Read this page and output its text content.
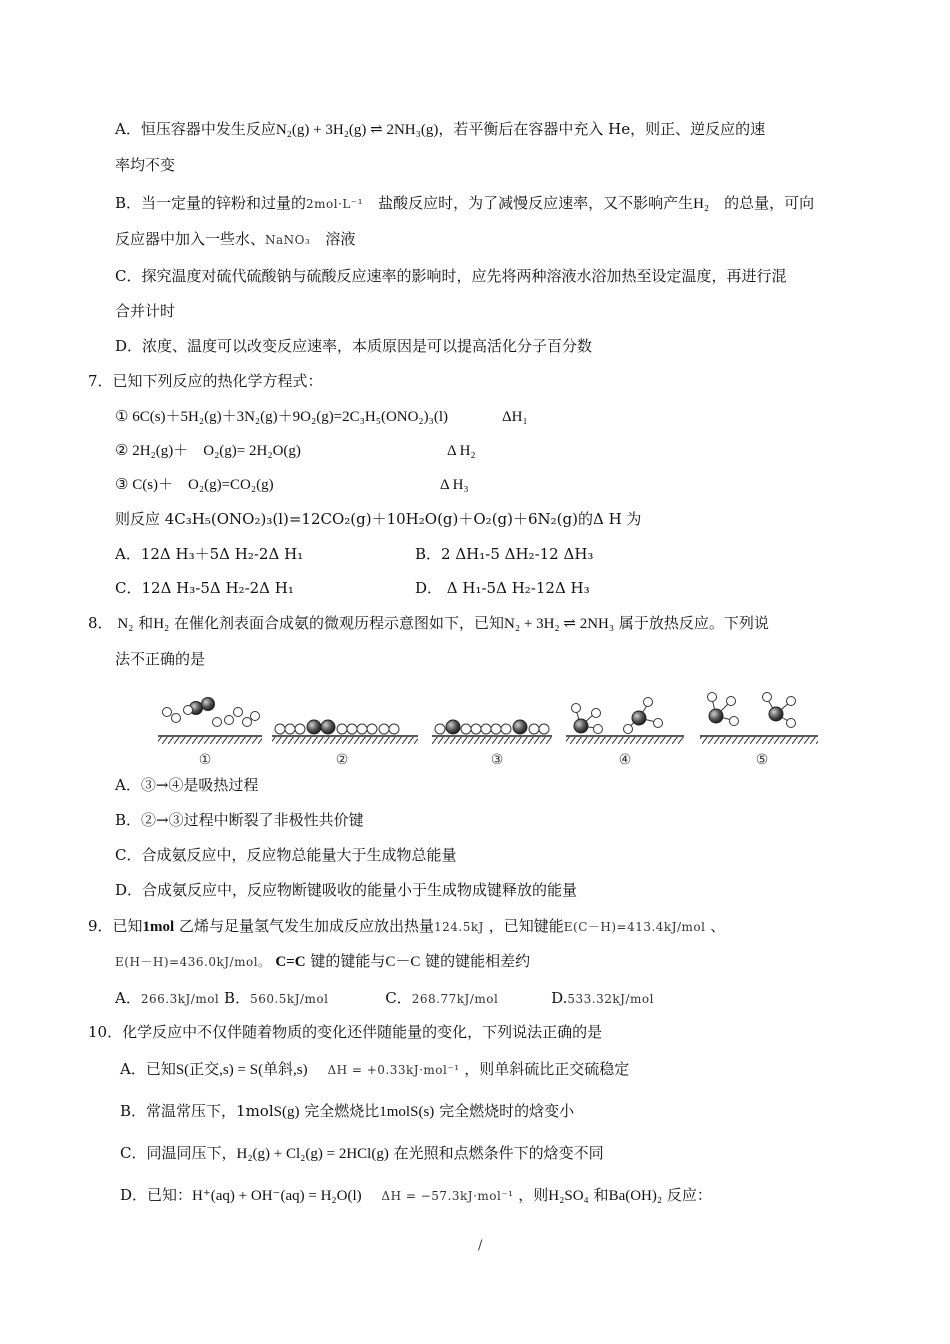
A．恒压容器中发生反应N₂(g) + 3H₂(g) ⇌ 2NH₃(g)，若平衡后在容器中充入 He，则正、逆反应的速
率均不变
B．当一定量的锌粉和过量的2mol·L⁻¹　 盐酸反应时，为了减慢反应速率，又不影响产生H₂　 的总量，可向
反应器中加入一些水、NaNO₃　 溶液
C．探究温度对硫代硫酸钠与硫酸反应速率的影响时，应先将两种溶液水浴加热至设定温度，再进行混
合并计时
D．浓度、温度可以改变反应速率，本质原因是可以提高活化分子百分数
7．已知下列反应的热化学方程式：
① 6C(s)＋5H₂(g)＋3N₂(g)＋9O₂(g)=2C₃H₅(ONO₂)₃(l)	ΔH₁
② 2H₂(g)＋　O₂(g)= 2H₂O(g)	Δ H₂
③ C(s)＋　O₂(g)=CO₂(g)	Δ H₃
则反应 4C₃H₅(ONO₂)₃(l)=12CO₂(g)＋10H₂O(g)＋O₂(g)＋6N₂(g)的Δ H 为
A．12Δ H₃＋5Δ H₂-2Δ H₁	B．2 ΔH₁-5 ΔH₂-12 ΔH₃
C．12Δ H₃-5Δ H₂-2Δ H₁	D． Δ H₁-5Δ H₂-12Δ H₃
8． N₂ 和H₂ 在催化剂表面合成氨的微观历程示意图如下，已知N₂ + 3H₂ ⇌ 2NH₃ 属于放热反应。下列说
法不正确的是
①	②	③	④	⑤
A．③→④是吸热过程
B．②→③过程中断裂了非极性共价键
C．合成氨反应中，反应物总能量大于生成物总能量
D．合成氨反应中，反应物断键吸收的能量小于生成物成键释放的能量
9．已知1mol 乙烯与足量氢气发生加成反应放出热量124.5kJ ，已知键能E(C－H)=413.4kJ/mol 、
E(H－H)=436.0kJ/mol。 C=C 键的键能与C－C 键的键能相差约
A．266.3kJ/mol B．560.5kJ/mol	C．268.77kJ/mol	D.533.32kJ/mol
10．化学反应中不仅伴随着物质的变化还伴随能量的变化，下列说法正确的是
A．已知S(正交,s) = S(单斜,s)　 ΔH = +0.33kJ·mol⁻¹ ，则单斜硫比正交硫稳定
B．常温常压下，1molS(g) 完全燃烧比1molS(s) 完全燃烧时的焓变小
C．同温同压下，H₂(g) + Cl₂(g) = 2HCl(g) 在光照和点燃条件下的焓变不同
D．已知：H⁺(aq) + OH⁻(aq) = H₂O(l)　 ΔH = −57.3kJ·mol⁻¹ ，则H₂SO₄ 和Ba(OH)₂ 反应：
/
